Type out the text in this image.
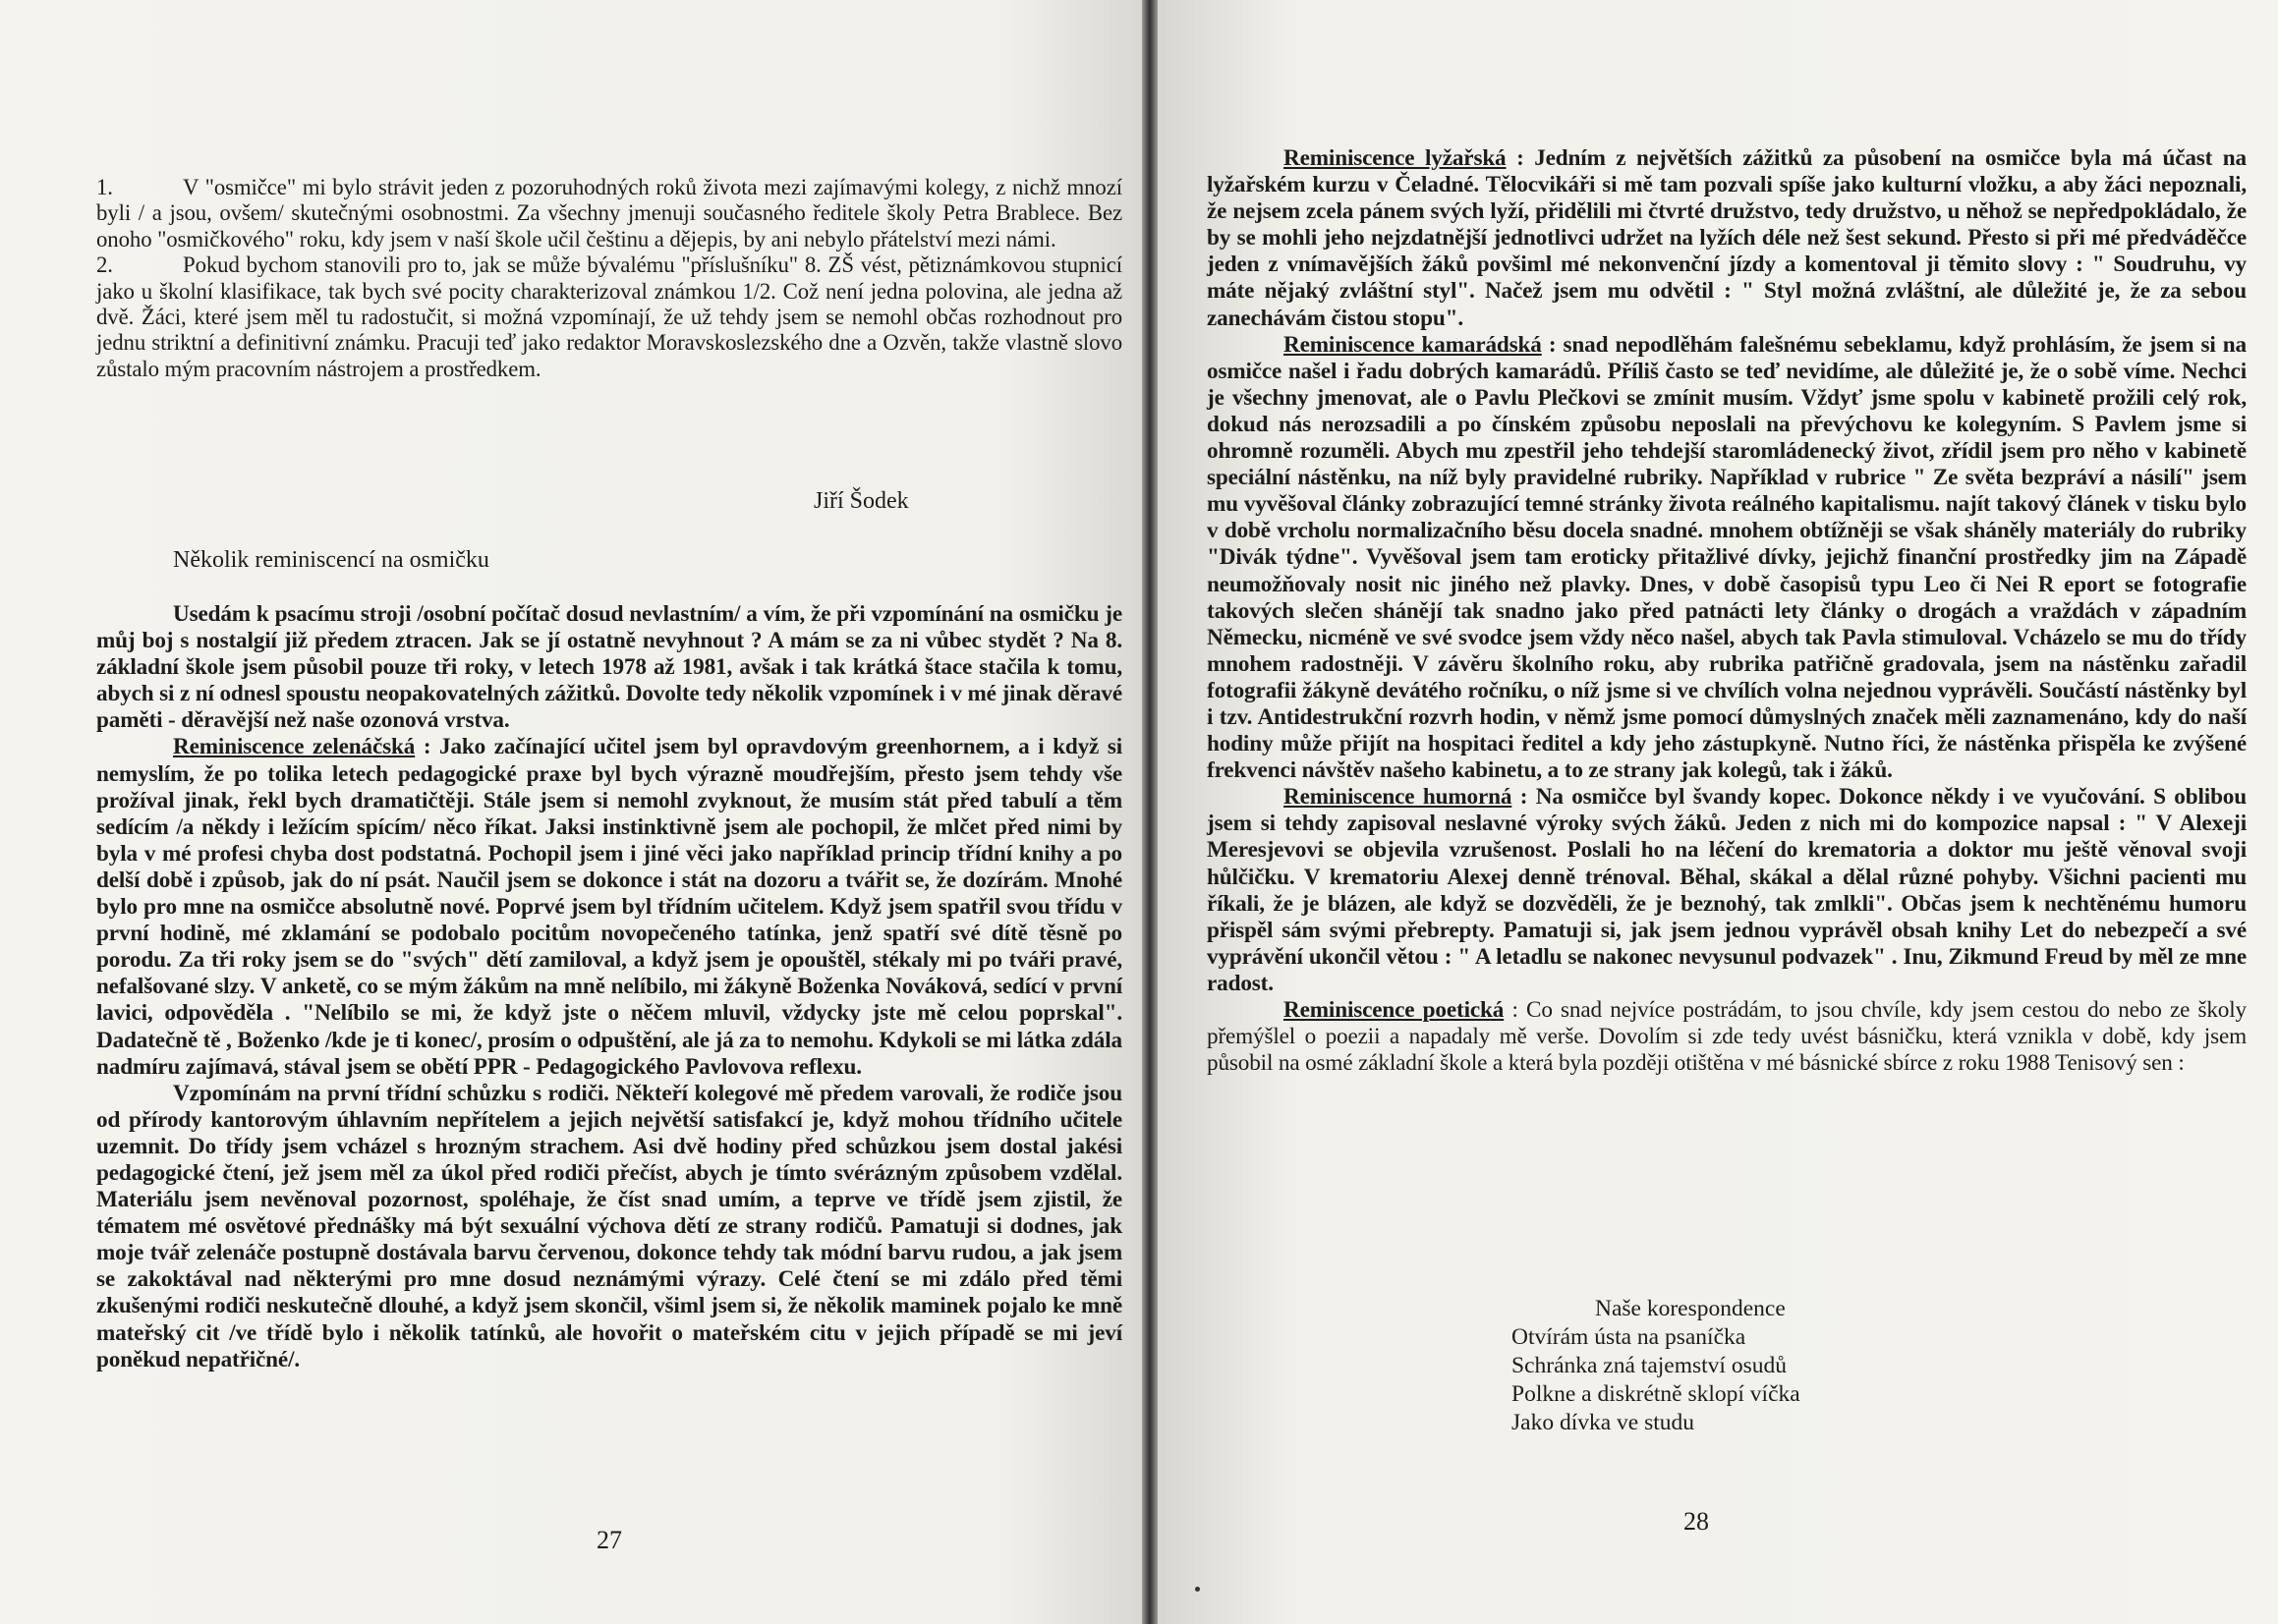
1.	V "osmičce" mi bylo strávit jeden z pozoruhodných roků života mezi zajímavými kolegy, z nichž mnozí byli / a jsou, ovšem/ skutečnými osobnostmi. Za všechny jmenuji současného ředitele školy Petra Brablece. Bez onoho "osmičkového" roku, kdy jsem v naší škole učil češtinu a dějepis, by ani nebylo přátelství mezi námi.

2.	Pokud bychom stanovili pro to, jak se může bývalému "příslušníku" 8. ZŠ vést, pětiznámkovou stupnicí jako u školní klasifikace, tak bych své pocity charakterizoval známkou 1/2. Což není jedna polovina, ale jedna až dvě. Žáci, které jsem měl tu radostučit, si možná vzpomínají, že už tehdy jsem se nemohl občas rozhodnout pro jednu striktní a definitivní známku. Pracuji teď jako redaktor Moravskoslezského dne a Ozvěn, takže vlastně slovo zůstalo mým pracovním nástrojem a prostředkem.

Jiří Šodek
Několik reminiscencí na osmičku

Usedám k psacímu stroji /osobní počítač dosud nevlastním/ a vím, že při vzpomínání na osmičku je můj boj s nostalgií již předem ztracen. Jak se jí ostatně nevyhnout ? A mám se za ni vůbec stydět ? Na 8. základní škole jsem působil pouze tři roky, v letech 1978 až 1981, avšak i tak krátká štace stačila k tomu, abych si z ní odnesl spoustu neopakovatelných zážitků. Dovolte tedy několik vzpomínek i v mé jinak děravé paměti - děravější než naše ozonová vrstva.

Reminiscence zelenáčská : Jako začínající učitel jsem byl opravdovým greenhornem, a i když si nemyslím, že po tolika letech pedagogické praxe byl bych výrazně moudřejším, přesto jsem tehdy vše prožíval jinak, řekl bych dramatičtěji. Stále jsem si nemohl zvyknout, že musím stát před tabulí a těm sedícím /a někdy i ležícím spícím/ něco říkat. Jaksi instinktivně jsem ale pochopil, že mlčet před nimi by byla v mé profesi chyba dost podstatná. Pochopil jsem i jiné věci jako například princip třídní knihy a po delší době i způsob, jak do ní psát. Naučil jsem se dokonce i stát na dozoru a tvářit se, že dozírám. Mnohé bylo pro mne na osmičce absolutně nové. Poprvé jsem byl třídním učitelem. Když jsem spatřil svou třídu v první hodině, mé zklamání se podobalo pocitům novopečeného tatínka, jenž spatří své dítě těsně po porodu. Za tři roky jsem se do "svých" dětí zamiloval, a když jsem je opouštěl, stékaly mi po tváři pravé, nefalšované slzy. V anketě, co se mým žákům na mně nelíbilo, mi žákyně Boženka Nováková, sedící v první lavici, odpověděla . "Nelíbilo se mi, že když jste o něčem mluvil, vždycky jste mě celou poprskal". Dadatečně tě , Boženko /kde je ti konec/, prosím o odpuštění, ale já za to nemohu. Kdykoli se mi látka zdála nadmíru zajímavá, stával jsem se obětí PPR - Pedagogického Pavlovova reflexu.

Vzpomínám na první třídní schůzku s rodiči. Někteří kolegové mě předem varovali, že rodiče jsou od přírody kantorovým úhlavním nepřítelem a jejich největší satisfakcí je, když mohou třídního učitele uzemnit. Do třídy jsem vcházel s hrozným strachem. Asi dvě hodiny před schůzkou jsem dostal jakési pedagogické čtení, jež jsem měl za úkol před rodiči přečíst, abych je tímto svérázným způsobem vzdělal. Materiálu jsem nevěnoval pozornost, spoléhaje, že číst snad umím, a teprve ve třídě jsem zjistil, že tématem mé osvětové přednášky má být sexuální výchova dětí ze strany rodičů. Pamatuji si dodnes, jak moje tvář zelenáče postupně dostávala barvu červenou, dokonce tehdy tak módní barvu rudou, a jak jsem se zakoktával nad některými pro mne dosud neznámými výrazy. Celé čtení se mi zdálo před těmi zkušenými rodiči neskutečně dlouhé, a když jsem skončil, všiml jsem si, že několik maminek pojalo ke mně mateřský cit /ve třídě bylo i několik tatínků, ale hovořit o mateřském citu v jejich případě se mi jeví poněkud nepatřičné/.

27

Reminiscence lyžařská : Jedním z největších zážitků za působení na osmičce byla má účast na lyžařském kurzu v Čeladné. Tělocvikáři si mě tam pozvali spíše jako kulturní vložku, a aby žáci nepoznali, že nejsem zcela pánem svých lyží, přidělili mi čtvrté družstvo, tedy družstvo, u něhož se nepředpokládalo, že by se mohli jeho nejzdatnější jednotlivci udržet na lyžích déle než šest sekund. Přesto si při mé předváděčce jeden z vnímavějších žáků povšiml mé nekonvenční jízdy a komentoval ji těmito slovy : " Soudruhu, vy máte nějaký zvláštní styl". Načež jsem mu odvětil : " Styl možná zvláštní, ale důležité je, že za sebou zanechávám čistou stopu".

Reminiscence kamarádská : snad nepodlěhám falešnému sebeklamu, když prohlásím, že jsem si na osmičce našel i řadu dobrých kamarádů. Příliš často se teď nevidíme, ale důležité je, že o sobě víme. Nechci je všechny jmenovat, ale o Pavlu Plečkovi se zmínit musím. Vždyť jsme spolu v kabinetě prožili celý rok, dokud nás nerozsadili a po čínském způsobu neposlali na převýchovu ke kolegyním. S Pavlem jsme si ohromně rozuměli. Abych mu zpestřil jeho tehdejší staromládenecký život, zřídil jsem pro něho v kabinetě speciální nástěnku, na níž byly pravidelné rubriky. Například v rubrice " Ze světa bezpráví a násilí" jsem mu vyvěšoval články zobrazující temné stránky života reálného kapitalismu. najít takový článek v tisku bylo v době vrcholu normalizačního běsu docela snadné. mnohem obtížněji se však sháněly materiály do rubriky "Divák týdne". Vyvěšoval jsem tam eroticky přitažlivé dívky, jejichž finanční prostředky jim na Západě neumožňovaly nosit nic jiného než plavky. Dnes, v době časopisů typu Leo či Nei R eport se fotografie takových slečen shánějí tak snadno jako před patnácti lety články o drogách a vraždách v západním Německu, nicméně ve své svodce jsem vždy něco našel, abych tak Pavla stimuloval. Vcházelo se mu do třídy mnohem radostněji. V závěru školního roku, aby rubrika patřičně gradovala, jsem na nástěnku zařadil fotografii žákyně devátého ročníku, o níž jsme si ve chvílích volna nejednou vyprávěli. Součástí nástěnky byl i tzv. Antidestrukční rozvrh hodin, v němž jsme pomocí důmyslných značek měli zaznamenáno, kdy do naší hodiny může přijít na hospitaci ředitel a kdy jeho zástupkyně. Nutno říci, že nástěnka přispěla ke zvýšené frekvenci návštěv našeho kabinetu, a to ze strany jak kolegů, tak i žáků.

Reminiscence humorná : Na osmičce byl švandy kopec. Dokonce někdy i ve vyučování. S oblibou jsem si tehdy zapisoval neslavné výroky svých žáků. Jeden z nich mi do kompozice napsal : " V Alexeji Meresjevovi se objevila vzrušenost. Poslali ho na léčení do krematoria a doktor mu ještě věnoval svoji hůlčičku. V krematoriu Alexej denně trénoval. Běhal, skákal a dělal různé pohyby. Všichni pacienti mu říkali, že je blázen, ale když se dozvěděli, že je beznohý, tak zmlkli". Občas jsem k nechtěnému humoru přispěl sám svými přebrepty. Pamatuji si, jak jsem jednou vyprávěl obsah knihy Let do nebezpečí a své vyprávění ukončil větou : " A letadlu se nakonec nevysunul podvazek" . Inu, Zikmund Freud by měl ze mne radost.

Reminiscence poetická : Co snad nejvíce postrádám, to jsou chvíle, kdy jsem cestou do nebo ze školy přemýšlel o poezii a napadaly mě verše. Dovolím si zde tedy uvést básničku, která vznikla v době, kdy jsem působil na osmé základní škole a která byla později otištěna v mé básnické sbírce z roku 1988 Tenisový sen :

Naše korespondence
Otvírám ústa na psaníčka
Schránka zná tajemství osudů
Polkne a diskrétně sklopí víčka
Jako dívka ve studu
28
